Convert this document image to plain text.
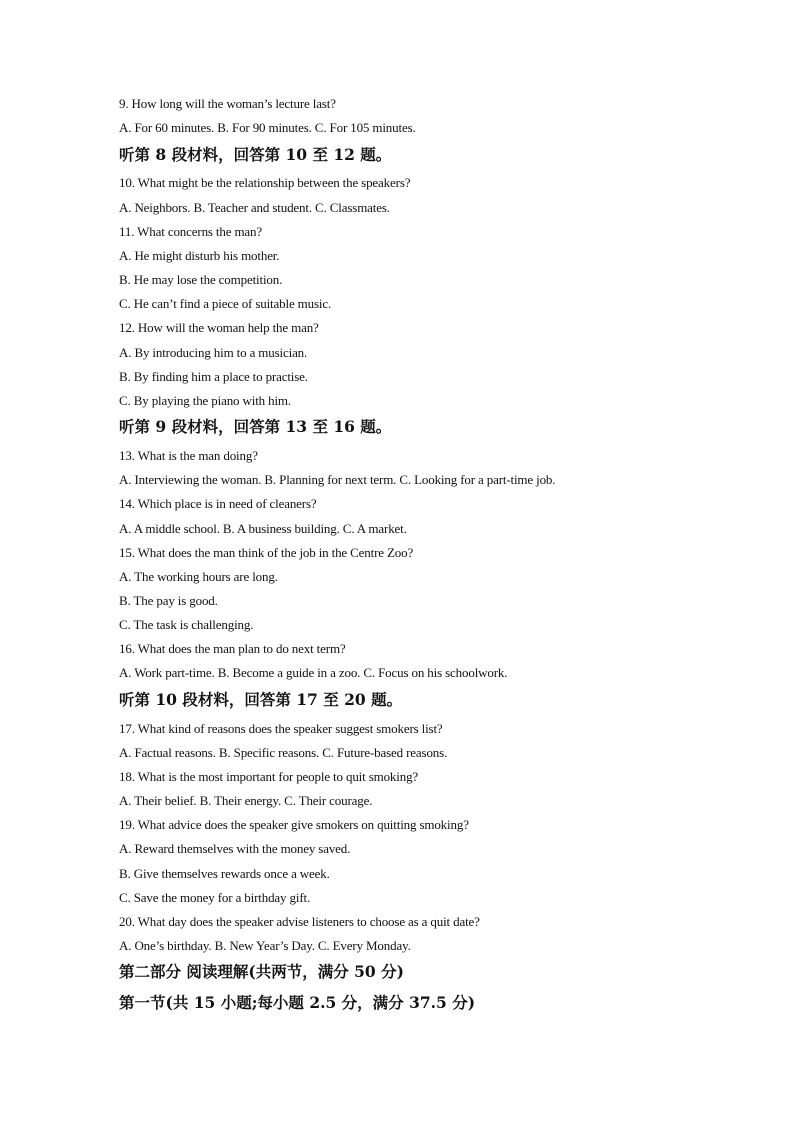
9. How long will the woman’s lecture last?
A. For 60 minutes. B. For 90 minutes. C. For 105 minutes.
听第 8 段材料，回答第 10 至 12 题。
10. What might be the relationship between the speakers?
A. Neighbors. B. Teacher and student. C. Classmates.
11. What concerns the man?
A. He might disturb his mother.
B. He may lose the competition.
C. He can’t find a piece of suitable music.
12. How will the woman help the man?
A. By introducing him to a musician.
B. By finding him a place to practise.
C. By playing the piano with him.
听第 9 段材料，回答第 13 至 16 题。
13. What is the man doing?
A. Interviewing the woman. B. Planning for next term. C. Looking for a part-time job.
14. Which place is in need of cleaners?
A. A middle school. B. A business building. C. A market.
15. What does the man think of the job in the Centre Zoo?
A. The working hours are long.
B. The pay is good.
C. The task is challenging.
16. What does the man plan to do next term?
A. Work part-time. B. Become a guide in a zoo. C. Focus on his schoolwork.
听第 10 段材料，回答第 17 至 20 题。
17. What kind of reasons does the speaker suggest smokers list?
A. Factual reasons. B. Specific reasons. C. Future-based reasons.
18. What is the most important for people to quit smoking?
A. Their belief. B. Their energy. C. Their courage.
19. What advice does the speaker give smokers on quitting smoking?
A. Reward themselves with the money saved.
B. Give themselves rewards once a week.
C. Save the money for a birthday gift.
20. What day does the speaker advise listeners to choose as a quit date?
A. One’s birthday. B. New Year’s Day. C. Every Monday.
第二部分 阅读理解(共两节，满分 50 分)
第一节(共 15 小题;每小题 2.5 分，满分 37.5 分)
